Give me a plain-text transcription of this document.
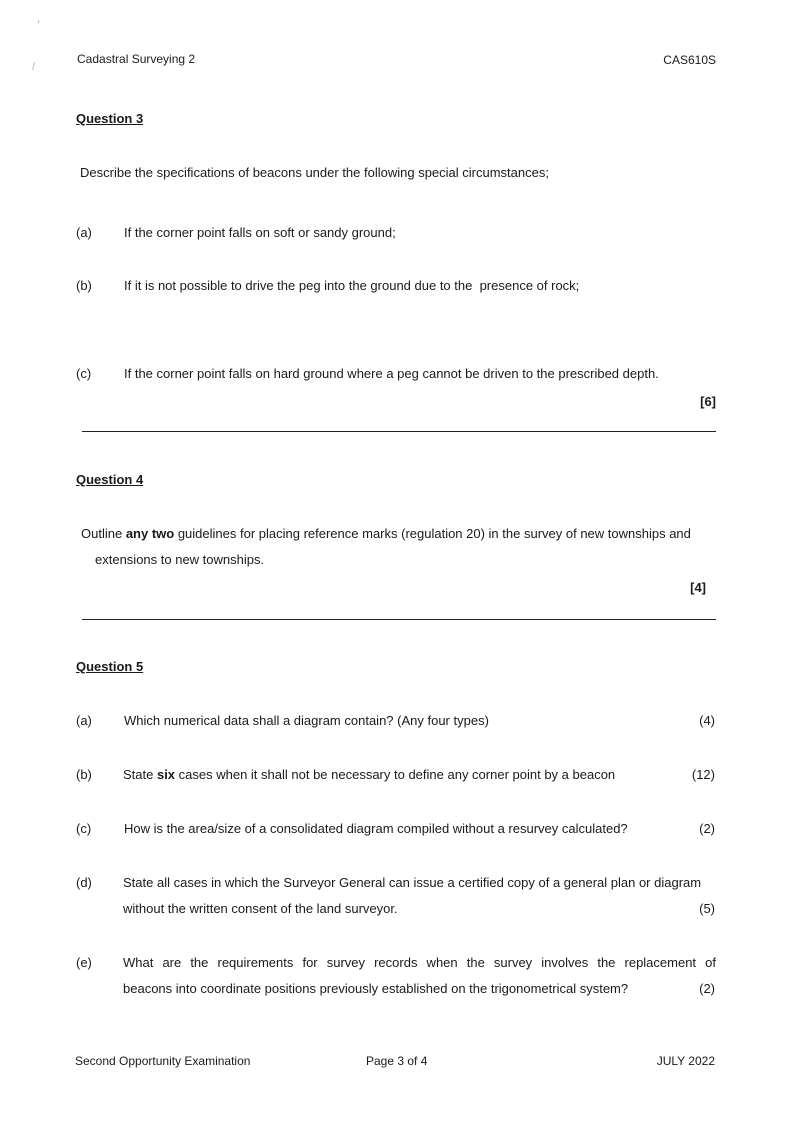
Cadastral Surveying 2	CAS610S
Question 3
Describe the specifications of beacons under the following special circumstances;
(a) If the corner point falls on soft or sandy ground;
(b) If it is not possible to drive the peg into the ground due to the  presence of rock;
(c)	If the corner point falls on hard ground where a peg cannot be driven to the prescribed depth.
[6]
Question 4
Outline any two guidelines for placing reference marks (regulation 20) in the survey of new townships and
extensions to new townships.
[4]
Question 5
(a) Which numerical data shall a diagram contain? (Any four types)	(4)
(b) State six cases when it shall not be necessary to define any corner point by a beacon	(12)
(c)	How is the area/size of a consolidated diagram compiled without a resurvey calculated?	(2)
(d) State all cases in which the Surveyor General can issue a certified copy of a general plan or diagram
without the written consent of the land surveyor.	(5)
(e) What are the requirements for survey records when the survey involves the replacement of
beacons into coordinate positions previously established on the trigonometrical system?	(2)
Second Opportunity Examination	Page 3 of 4	JULY 2022
